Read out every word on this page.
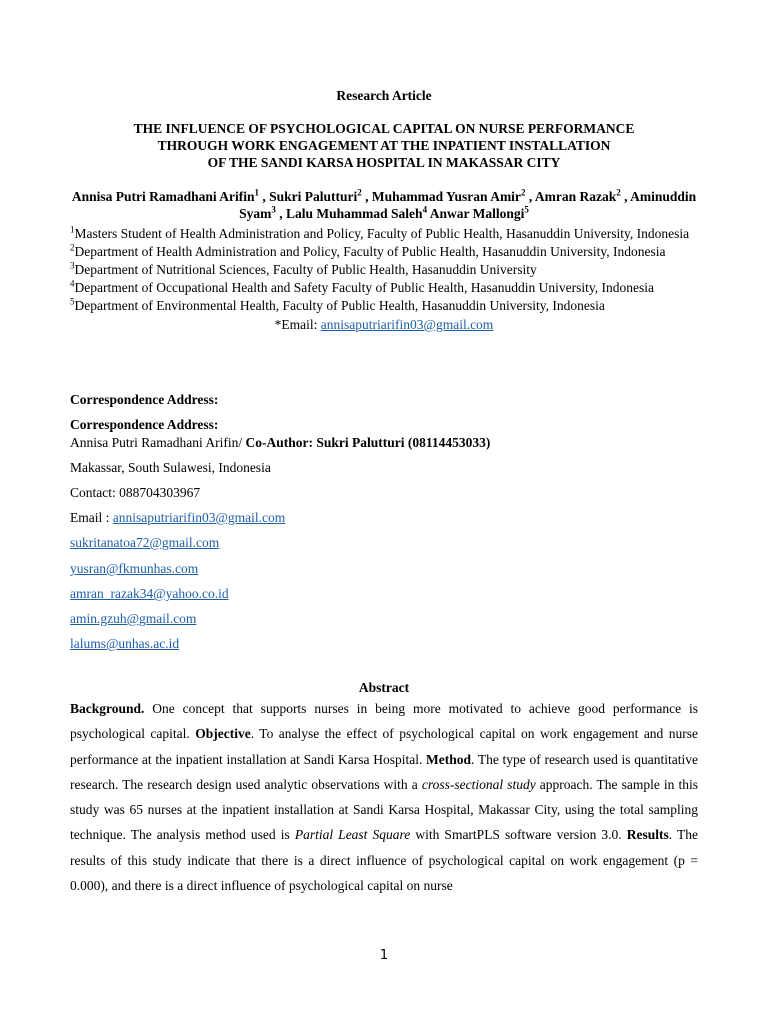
Research Article
THE INFLUENCE OF PSYCHOLOGICAL CAPITAL ON NURSE PERFORMANCE
THROUGH WORK ENGAGEMENT AT THE INPATIENT INSTALLATION
OF THE SANDI KARSA HOSPITAL IN MAKASSAR CITY
Annisa Putri Ramadhani Arifin$^1$ , Sukri Palutturi$^2$ , Muhammad Yusran Amir$^2$ , Amran Razak$^2$ , Aminuddin Syam$^3$ , Lalu Muhammad Saleh$^4$ Anwar Mallongi$^5$
$^1$Masters Student of Health Administration and Policy, Faculty of Public Health, Hasanuddin University, Indonesia
$^2$Department of Health Administration and Policy, Faculty of Public Health, Hasanuddin University, Indonesia
$^3$Department of Nutritional Sciences, Faculty of Public Health, Hasanuddin University
$^4$Department of Occupational Health and Safety Faculty of Public Health, Hasanuddin University, Indonesia
$^5$Department of Environmental Health, Faculty of Public Health, Hasanuddin University, Indonesia
*Email: annisaputriarifin03@gmail.com
Correspondence Address:
Correspondence Address:
Annisa Putri Ramadhani Arifin/ Co-Author: Sukri Palutturi (08114453033)
Makassar, South Sulawesi, Indonesia
Contact: 088704303967
Email : annisaputriarifin03@gmail.com
sukritanatoa72@gmail.com
yusran@fkmunhas.com
amran_razak34@yahoo.co.id
amin.gzuh@gmail.com
lalums@unhas.ac.id
Abstract
Background. One concept that supports nurses in being more motivated to achieve good performance is psychological capital. Objective. To analyse the effect of psychological capital on work engagement and nurse performance at the inpatient installation at Sandi Karsa Hospital. Method. The type of research used is quantitative research. The research design used analytic observations with a cross-sectional study approach. The sample in this study was 65 nurses at the inpatient installation at Sandi Karsa Hospital, Makassar City, using the total sampling technique. The analysis method used is Partial Least Square with SmartPLS software version 3.0. Results. The results of this study indicate that there is a direct influence of psychological capital on work engagement (p = 0.000), and there is a direct influence of psychological capital on nurse
1
